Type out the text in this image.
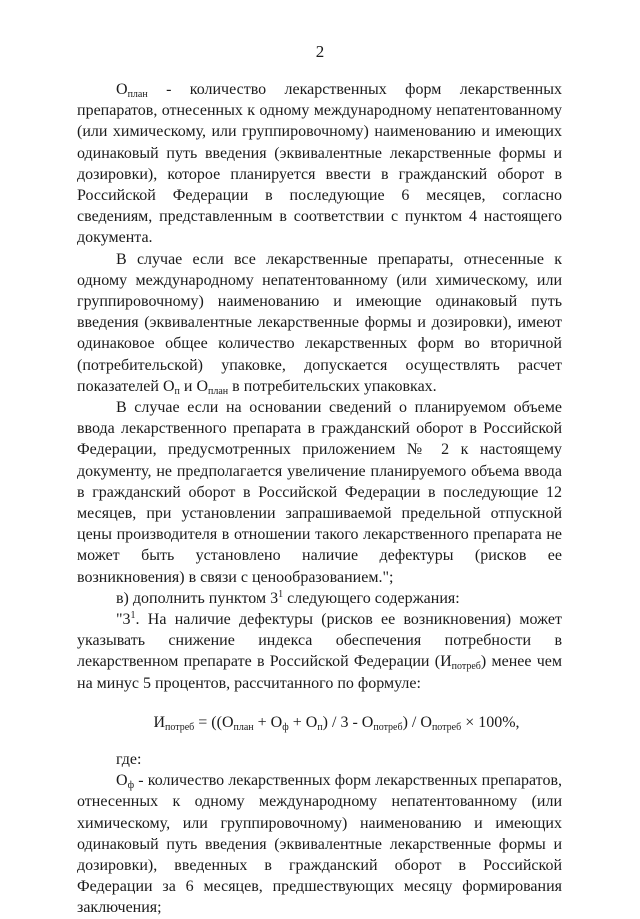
2

$О_{план}$ - количество лекарственных форм лекарственных препаратов, отнесенных к одному международному непатентованному (или химическому, или группировочному) наименованию и имеющих одинаковый путь введения (эквивалентные лекарственные формы и дозировки), которое планируется ввести в гражданский оборот в Российской Федерации в последующие 6 месяцев, согласно сведениям, представленным в соответствии с пунктом 4 настоящего документа.

В случае если все лекарственные препараты, отнесенные к одному международному непатентованному (или химическому, или группировочному) наименованию и имеющие одинаковый путь введения (эквивалентные лекарственные формы и дозировки), имеют одинаковое общее количество лекарственных форм во вторичной (потребительской) упаковке, допускается осуществлять расчет показателей $О_п$ и $О_{план}$ в потребительских упаковках.

В случае если на основании сведений о планируемом объеме ввода лекарственного препарата в гражданский оборот в Российской Федерации, предусмотренных приложением № 2 к настоящему документу, не предполагается увеличение планируемого объема ввода в гражданский оборот в Российской Федерации в последующие 12 месяцев, при установлении запрашиваемой предельной отпускной цены производителя в отношении такого лекарственного препарата не может быть установлено наличие дефектуры (рисков ее возникновения) в связи с ценообразованием.";

в) дополнить пунктом $3^1$ следующего содержания:

"$3^1$. На наличие дефектуры (рисков ее возникновения) может указывать снижение индекса обеспечения потребности в лекарственном препарате в Российской Федерации $(И_{потреб})$ менее чем на минус 5 процентов, рассчитанного по формуле:

$И_{потреб} = ((О_{план} + О_ф + О_п) / 3 - О_{потреб}) / О_{потреб} \times 100\%$,

где:

$О_ф$ - количество лекарственных форм лекарственных препаратов, отнесенных к одному международному непатентованному (или химическому, или группировочному) наименованию и имеющих одинаковый путь введения (эквивалентные лекарственные формы и дозировки), введенных в гражданский оборот в Российской Федерации за 6 месяцев, предшествующих месяцу формирования заключения;
